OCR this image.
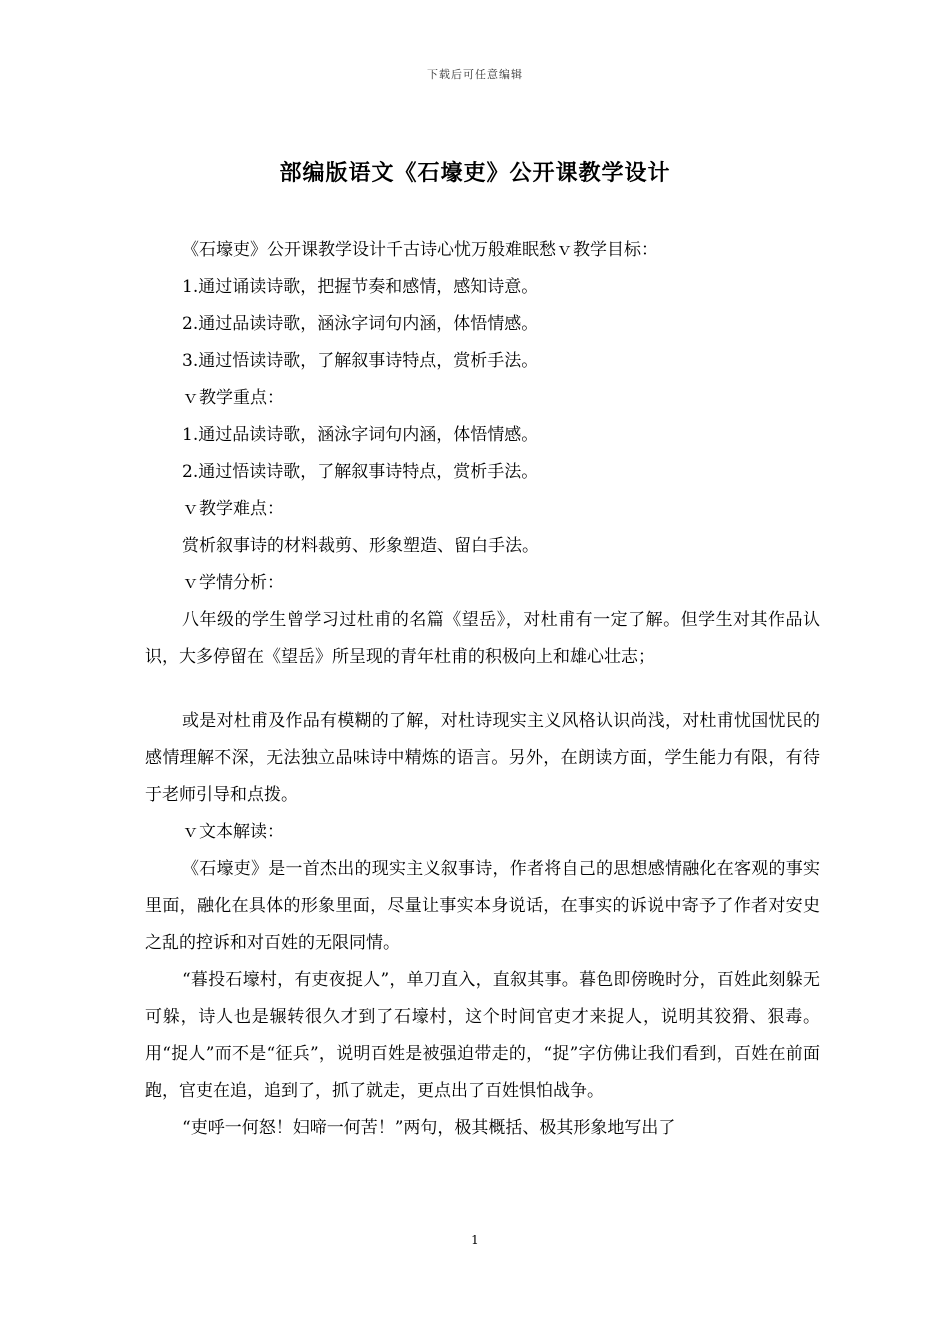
下载后可任意编辑
部编版语文《石壕吏》公开课教学设计

《石壕吏》公开课教学设计千古诗心忧万般难眠愁ｖ教学目标：

1.通过诵读诗歌，把握节奏和感情，感知诗意。

2.通过品读诗歌，涵泳字词句内涵，体悟情感。

3.通过悟读诗歌，了解叙事诗特点，赏析手法。

ｖ教学重点：

1.通过品读诗歌，涵泳字词句内涵，体悟情感。

2.通过悟读诗歌，了解叙事诗特点，赏析手法。

ｖ教学难点：

赏析叙事诗的材料裁剪、形象塑造、留白手法。

ｖ学情分析：

八年级的学生曾学习过杜甫的名篇《望岳》，对杜甫有一定了解。但学生对其作品认识，大多停留在《望岳》所呈现的青年杜甫的积极向上和雄心壮志；

或是对杜甫及作品有模糊的了解，对杜诗现实主义风格认识尚浅，对杜甫忧国忧民的感情理解不深，无法独立品味诗中精炼的语言。另外，在朗读方面，学生能力有限，有待于老师引导和点拨。

ｖ文本解读：

《石壕吏》是一首杰出的现实主义叙事诗，作者将自己的思想感情融化在客观的事实里面，融化在具体的形象里面，尽量让事实本身说话，在事实的诉说中寄予了作者对安史之乱的控诉和对百姓的无限同情。

“暮投石壕村，有吏夜捉人”，单刀直入，直叙其事。暮色即傍晚时分，百姓此刻躲无可躲，诗人也是辗转很久才到了石壕村，这个时间官吏才来捉人，说明其狡猾、狠毒。用“捉人”而不是“征兵”，说明百姓是被强迫带走的，“捉”字仿佛让我们看到，百姓在前面跑，官吏在追，追到了，抓了就走，更点出了百姓惧怕战争。

“吏呼一何怒！妇啼一何苦！”两句，极其概括、极其形象地写出了

1
